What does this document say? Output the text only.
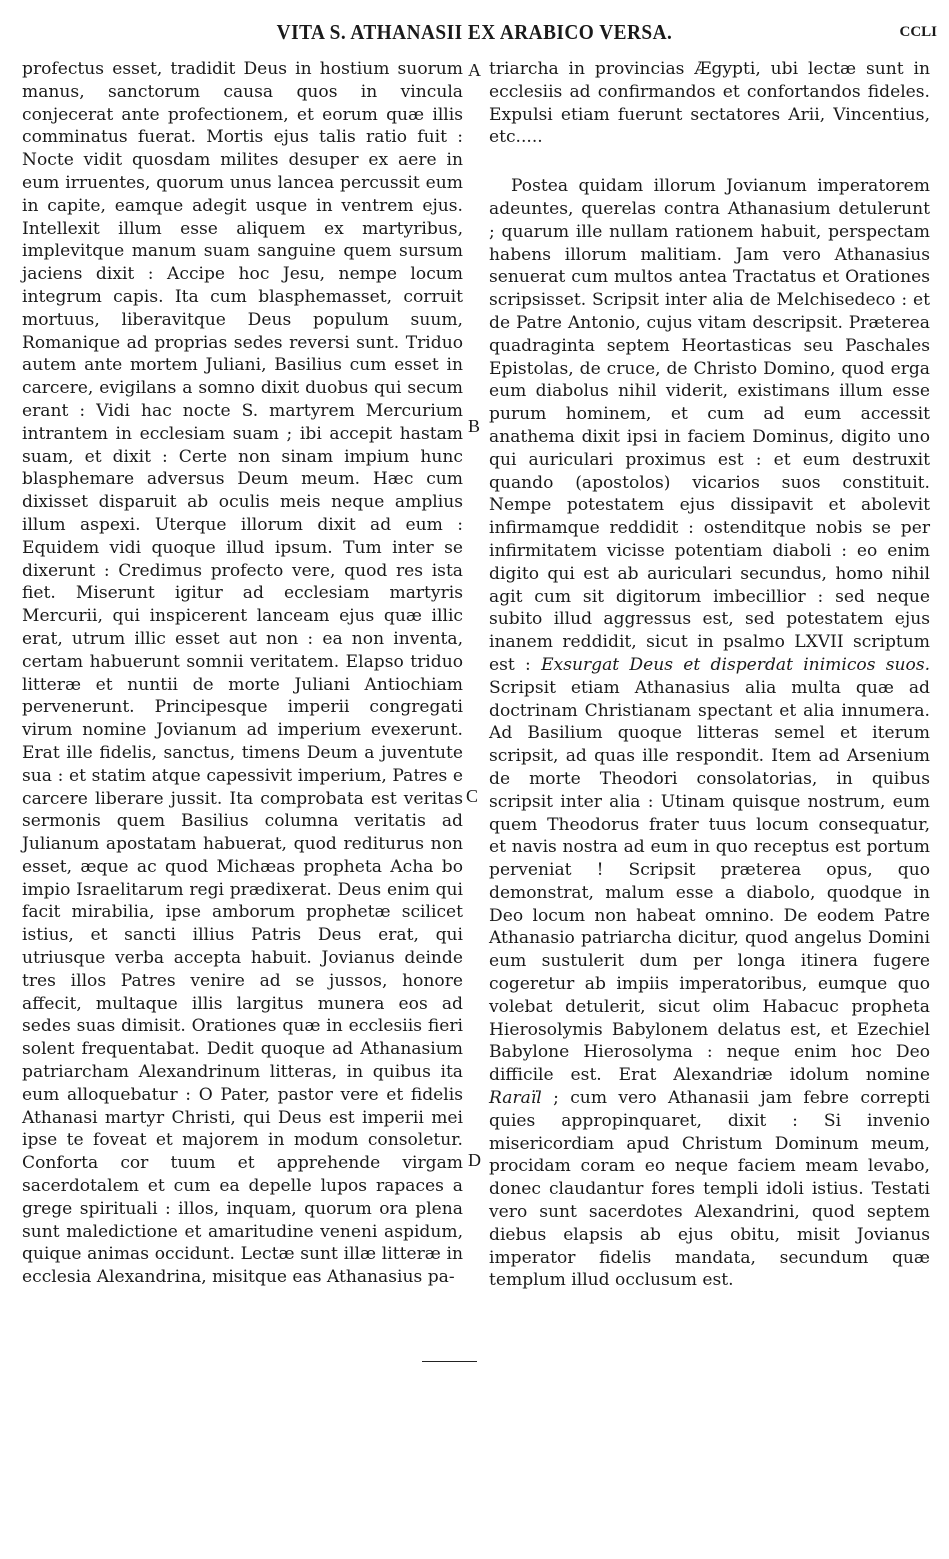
VITA S. ATHANASII EX ARABICO VERSA.	CCLI

profectus esset, tradidit Deus in hostium suorum manus, sanctorum causa quos in vincula conjecerat ante profectionem, et eorum quæ illis comminatus fuerat. Mortis ejus talis ratio fuit : Nocte vidit quosdam milites desuper ex aere in eum irruentes, quorum unus lancea percussit eum in capite, eamque adegit usque in ventrem ejus. Intellexit illum esse aliquem ex martyribus, implevitque manum suam sanguine quem sursum jaciens dixit : Accipe hoc Jesu, nempe locum integrum capis. Ita cum blasphemasset, corruit mortuus, liberavitque Deus populum suum, Romanique ad proprias sedes reversi sunt. Triduo autem ante mortem Juliani, Basilius cum esset in carcere, evigilans a somno dixit duobus qui secum erant : Vidi hac nocte S. martyrem Mercurium intrantem in ecclesiam suam ; ibi accepit hastam suam, et dixit : Certe non sinam impium hunc blasphemare adversus Deum meum. Hæc cum dixisset disparuit ab oculis meis neque amplius illum aspexi. Uterque illorum dixit ad eum : Equidem vidi quoque illud ipsum. Tum inter se dixerunt : Credimus profecto vere, quod res ista fiet. Miserunt igitur ad ecclesiam martyris Mercurii, qui inspicerent lanceam ejus quæ illic erat, utrum illic esset aut non : ea non inventa, certam habuerunt somnii veritatem. Elapso triduo litteræ et nuntii de morte Juliani Antiochiam pervenerunt. Principesque imperii congregati virum nomine Jovianum ad imperium evexerunt. Erat ille fidelis, sanctus, timens Deum a juventute sua : et statim atque capessivit imperium, Patres e carcere liberare jussit. Ita comprobata est veritas sermonis quem Basilius columna veritatis ad Julianum apostatam habuerat, quod rediturus non esset, æque ac quod Michæas propheta Acha bo impio Israelitarum regi prædixerat. Deus enim qui facit mirabilia, ipse amborum prophetæ scilicet istius, et sancti illius Patris Deus erat, qui utriusque verba accepta habuit. Jovianus deinde tres illos Patres venire ad se jussos, honore affecit, multaque illis largitus munera eos ad sedes suas dimisit. Orationes quæ in ecclesiis fieri solent frequentabat. Dedit quoque ad Athanasium patriarcham Alexandrinum litteras, in quibus ita eum alloquebatur : O Pater, pastor vere et fidelis Athanasi martyr Christi, qui Deus est imperii mei ipse te foveat et majorem in modum consoletur. Conforta cor tuum et apprehende virgam sacerdotalem et cum ea depelle lupos rapaces a grege spirituali : illos, inquam, quorum ora plena sunt maledictione et amaritudine veneni aspidum, quique animas occidunt. Lectæ sunt illæ litteræ in ecclesia Alexandrina, misitque eas Athanasius pa-

A
B
C
D

triarcha in provincias Ægypti, ubi lectæ sunt in ecclesiis ad confirmandos et confortandos fideles. Expulsi etiam fuerunt sectatores Arii, Vincentius, etc.....

Postea quidam illorum Jovianum imperatorem adeuntes, querelas contra Athanasium detulerunt ; quarum ille nullam rationem habuit, perspectam habens illorum malitiam. Jam vero Athanasius senuerat cum multos antea Tractatus et Orationes scripsisset. Scripsit inter alia de Melchisedeco : et de Patre Antonio, cujus vitam descripsit. Præterea quadraginta septem Heortasticas seu Paschales Epistolas, de cruce, de Christo Domino, quod erga eum diabolus nihil viderit, existimans illum esse purum hominem, et cum ad eum accessit anathema dixit ipsi in faciem Dominus, digito uno qui auriculari proximus est : et eum destruxit quando (apostolos) vicarios suos constituit. Nempe potestatem ejus dissipavit et abolevit infirmamque reddidit : ostenditque nobis se per infirmitatem vicisse potentiam diaboli : eo enim digito qui est ab auriculari secundus, homo nihil agit cum sit digitorum imbecillior : sed neque subito illud aggressus est, sed potestatem ejus inanem reddidit, sicut in psalmo LXVII scriptum est : Exsurgat Deus et disperdat inimicos suos. Scripsit etiam Athanasius alia multa quæ ad doctrinam Christianam spectant et alia innumera. Ad Basilium quoque litteras semel et iterum scripsit, ad quas ille respondit. Item ad Arsenium de morte Theodori consolatorias, in quibus scripsit inter alia : Utinam quisque nostrum, eum quem Theodorus frater tuus locum consequatur, et navis nostra ad eum in quo receptus est portum perveniat ! Scripsit præterea opus, quo demonstrat, malum esse a diabolo, quodque in Deo locum non habeat omnino. De eodem Patre Athanasio patriarcha dicitur, quod angelus Domini eum sustulerit dum per longa itinera fugere cogeretur ab impiis imperatoribus, eumque quo volebat detulerit, sicut olim Habacuc propheta Hierosolymis Babylonem delatus est, et Ezechiel Babylone Hierosolyma : neque enim hoc Deo difficile est. Erat Alexandriæ idolum nomine Raraïl ; cum vero Athanasii jam febre correpti quies appropinquaret, dixit : Si invenio misericordiam apud Christum Dominum meum, procidam coram eo neque faciem meam levabo, donec claudantur fores templi idoli istius. Testati vero sunt sacerdotes Alexandrini, quod septem diebus elapsis ab ejus obitu, misit Jovianus imperator fidelis mandata, secundum quæ templum illud occlusum est.
